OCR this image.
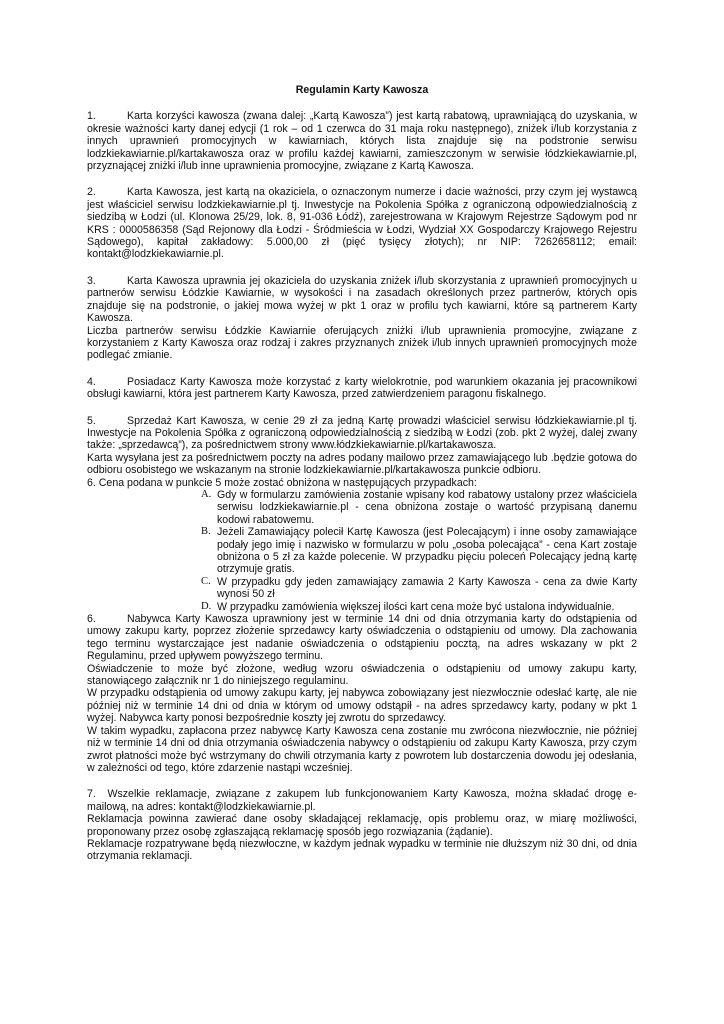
Regulamin Karty Kawosza

1.	Karta korzyści kawosza (zwana dalej: „Kartą Kawosza”) jest kartą rabatową, uprawniającą do uzyskania, w okresie ważności karty danej edycji (1 rok – od 1 czerwca do 31 maja roku następnego), zniżek i/lub korzystania z innych uprawnień promocyjnych w kawiarniach, których lista znajduje się na podstronie serwisu lodzkiekawiarnie.pl/kartakawosza oraz w profilu każdej kawiarni, zamieszczonym w serwisie łódzkiekawiarnie.pl, przyznającej zniżki i/lub inne uprawnienia promocyjne, związane z Kartą Kawosza.

2.	Karta Kawosza, jest kartą na okaziciela, o oznaczonym numerze i dacie ważności, przy czym jej wystawcą jest właściciel serwisu lodzkiekawiarnie.pl tj. Inwestycje na Pokolenia Spółka z ograniczoną odpowiedzialnością z siedzibą w Łodzi (ul. Klonowa 25/29, lok. 8, 91-036 Łódź), zarejestrowana w Krajowym Rejestrze Sądowym pod nr KRS : 0000586358 (Sąd Rejonowy dla Łodzi - Śródmieścia w Łodzi, Wydział XX Gospodarczy Krajowego Rejestru Sądowego), kapitał zakładowy: 5.000,00 zł (pięć tysięcy złotych); nr NIP: 7262658112; email: kontakt@lodzkiekawiarnie.pl.

3.	Karta Kawosza uprawnia jej okaziciela do uzyskania zniżek i/lub skorzystania z uprawnień promocyjnych u partnerów serwisu Łódzkie Kawiarnie, w wysokości i na zasadach określonych przez partnerów, których opis znajduje się na podstronie, o jakiej mowa wyżej w pkt 1 oraz w profilu tych kawiarni, które są partnerem Karty Kawosza.

Liczba partnerów serwisu Łódzkie Kawiarnie oferujących zniżki i/lub uprawnienia promocyjne, związane z korzystaniem z Karty Kawosza oraz rodzaj i zakres przyznanych zniżek i/lub innych uprawnień promocyjnych może podlegać zmianie.

4.	Posiadacz Karty Kawosza może korzystać z karty wielokrotnie, pod warunkiem okazania jej pracownikowi obsługi kawiarni, która jest partnerem Karty Kawosza, przed zatwierdzeniem paragonu fiskalnego.

5.	Sprzedaż Kart Kawosza, w cenie 29 zł za jedną Kartę prowadzi właściciel serwisu łódzkiekawiarnie.pl tj. Inwestycje na Pokolenia Spółka z ograniczoną odpowiedzialnością z siedzibą w Łodzi (zob. pkt 2 wyżej, dalej zwany także: „sprzedawcą”), za pośrednictwem strony www.łódzkiekawiarnie.pl/kartakawosza.

Karta wysyłana jest za pośrednictwem poczty na adres podany mailowo przez zamawiającego lub .będzie gotowa do odbioru osobistego we wskazanym na stronie lodzkiekawiarnie.pl/kartakawosza punkcie odbioru.

6. Cena podana w punkcie 5 może zostać obniżona w następujących przypadkach:

A. Gdy w formularzu zamówienia zostanie wpisany kod rabatowy ustalony przez właściciela serwisu lodzkiekawiarnie.pl - cena obniżona zostaje o wartość przypisaną danemu kodowi rabatowemu.
B. Jeżeli Zamawiający polecił Kartę Kawosza (jest Polecającym) i inne osoby zamawiające podały jego imię i nazwisko w formularzu w polu „osoba polecająca” - cena Kart zostaje obniżona o 5 zł za każde polecenie. W przypadku pięciu poleceń Polecający jedną kartę otrzymuje gratis.
C. W przypadku gdy jeden zamawiający zamawia 2 Karty Kawosza - cena za dwie Karty wynosi 50 zł
D. W przypadku zamówienia większej ilości kart cena może być ustalona indywidualnie.

6.	Nabywca Karty Kawosza uprawniony jest w terminie 14 dni od dnia otrzymania karty do odstąpienia od umowy zakupu karty, poprzez złożenie sprzedawcy karty oświadczenia o odstąpieniu od umowy. Dla zachowania tego terminu wystarczające jest nadanie oświadczenia o odstąpieniu pocztą, na adres wskazany w pkt 2 Regulaminu, przed upływem powyższego terminu.

Oświadczenie to może być złożone, według wzoru oświadczenia o odstąpieniu od umowy zakupu karty, stanowiącego załącznik nr 1 do niniejszego regulaminu.

W przypadku odstąpienia od umowy zakupu karty, jej nabywca zobowiązany jest niezwłocznie odesłać kartę, ale nie później niż w terminie 14 dni od dnia w którym od umowy odstąpił - na adres sprzedawcy karty, podany w pkt 1 wyżej. Nabywca karty ponosi bezpośrednie koszty jej zwrotu do sprzedawcy.

W takim wypadku, zapłacona przez nabywcę Karty Kawosza cena zostanie mu zwrócona niezwłocznie, nie później niż w terminie 14 dni od dnia otrzymania oświadczenia nabywcy o odstąpieniu od zakupu Karty Kawosza, przy czym zwrot płatności może być wstrzymany do chwili otrzymania karty z powrotem lub dostarczenia dowodu jej odesłania, w zależności od tego, które zdarzenie nastąpi wcześniej.

7. Wszelkie reklamacje, związane z zakupem lub funkcjonowaniem Karty Kawosza, można składać drogę e-mailową, na adres: kontakt@lodzkiekawiarnie.pl.

Reklamacja powinna zawierać dane osoby składającej reklamację, opis problemu oraz, w miarę możliwości, proponowany przez osobę zgłaszającą reklamację sposób jego rozwiązania (żądanie).

Reklamacje rozpatrywane będą niezwłoczne, w każdym jednak wypadku w terminie nie dłuższym niż 30 dni, od dnia otrzymania reklamacji.
